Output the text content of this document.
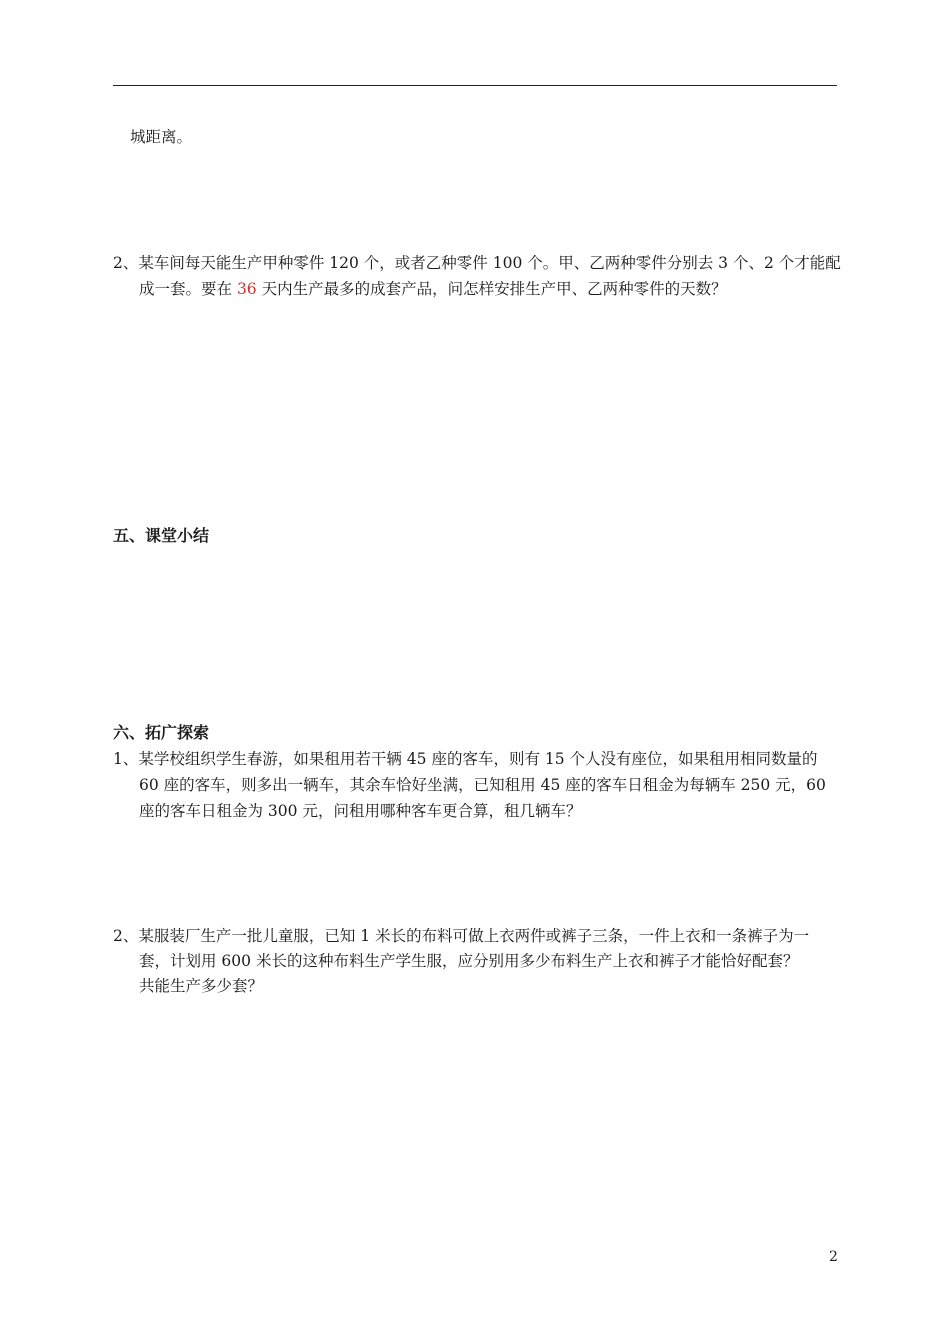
城距离。
2、某车间每天能生产甲种零件 120 个，或者乙种零件 100 个。甲、乙两种零件分别去 3 个、2 个才能配
成一套。要在 36 天内生产最多的成套产品，问怎样安排生产甲、乙两种零件的天数？
五、课堂小结
六、拓广探索
1、某学校组织学生春游，如果租用若干辆 45 座的客车，则有 15 个人没有座位，如果租用相同数量的
60 座的客车，则多出一辆车，其余车恰好坐满，已知租用 45 座的客车日租金为每辆车 250 元，60
座的客车日租金为 300 元，问租用哪种客车更合算，租几辆车？
2、某服装厂生产一批儿童服，已知 1 米长的布料可做上衣两件或裤子三条，一件上衣和一条裤子为一
套，计划用 600 米长的这种布料生产学生服，应分别用多少布料生产上衣和裤子才能恰好配套？
共能生产多少套？
2
